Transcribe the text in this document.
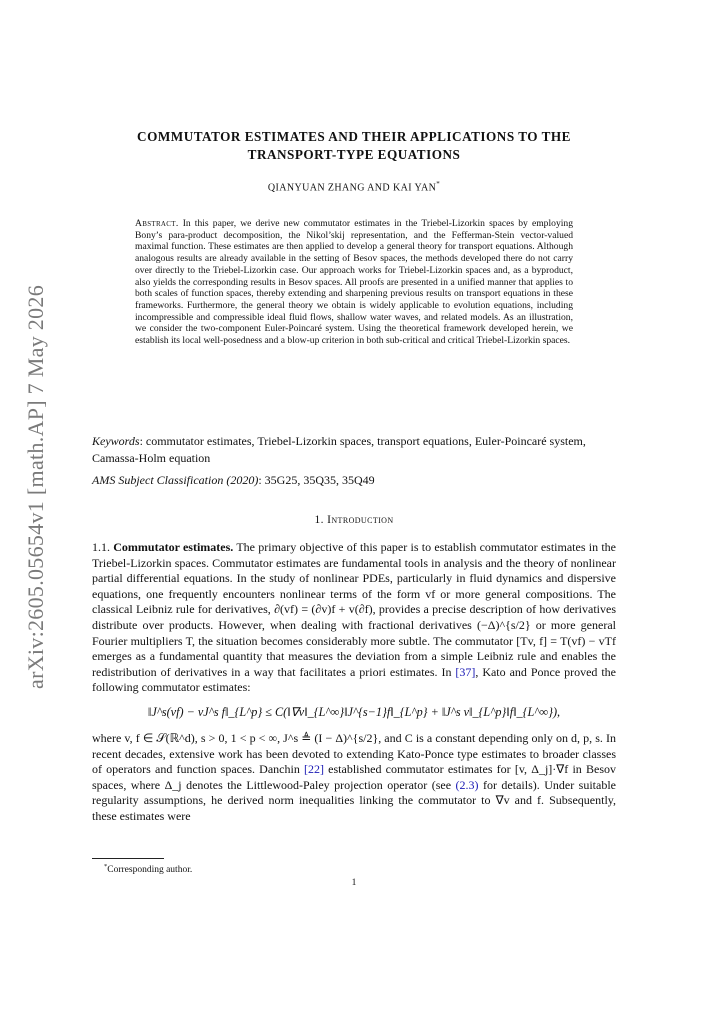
arXiv:2605.05654v1 [math.AP] 7 May 2026
COMMUTATOR ESTIMATES AND THEIR APPLICATIONS TO THE TRANSPORT-TYPE EQUATIONS
QIANYUAN ZHANG AND KAI YAN*
Abstract. In this paper, we derive new commutator estimates in the Triebel-Lizorkin spaces by employing Bony’s para-product decomposition, the Nikol’skij representation, and the Fefferman-Stein vector-valued maximal function. These estimates are then applied to develop a general theory for transport equations. Although analogous results are already available in the setting of Besov spaces, the methods developed there do not carry over directly to the Triebel-Lizorkin case. Our approach works for Triebel-Lizorkin spaces and, as a byproduct, also yields the corresponding results in Besov spaces. All proofs are presented in a unified manner that applies to both scales of function spaces, thereby extending and sharpening previous results on transport equations in these frameworks. Furthermore, the general theory we obtain is widely applicable to evolution equations, including incompressible and compressible ideal fluid flows, shallow water waves, and related models. As an illustration, we consider the two-component Euler-Poincaré system. Using the theoretical framework developed herein, we establish its local well-posedness and a blow-up criterion in both sub-critical and critical Triebel-Lizorkin spaces.
Keywords: commutator estimates, Triebel-Lizorkin spaces, transport equations, Euler-Poincaré system, Camassa-Holm equation
AMS Subject Classification (2020): 35G25, 35Q35, 35Q49
1. Introduction
1.1. Commutator estimates. The primary objective of this paper is to establish commutator estimates in the Triebel-Lizorkin spaces. Commutator estimates are fundamental tools in analysis and the theory of nonlinear partial differential equations. In the study of nonlinear PDEs, particularly in fluid dynamics and dispersive equations, one frequently encounters nonlinear terms of the form vf or more general compositions. The classical Leibniz rule for derivatives, ∂(vf) = (∂v)f + v(∂f), provides a precise description of how derivatives distribute over products. However, when dealing with fractional derivatives (−Δ)^{s/2} or more general Fourier multipliers T, the situation becomes considerably more subtle. The commutator [Tv, f] = T(vf) − vTf emerges as a fundamental quantity that measures the deviation from a simple Leibniz rule and enables the redistribution of derivatives in a way that facilitates a priori estimates. In [37], Kato and Ponce proved the following commutator estimates:
‖J^s(vf) − vJ^s f‖_{L^p} ≤ C(‖∇v‖_{L^∞}‖J^{s−1}f‖_{L^p} + ‖J^s v‖_{L^p}‖f‖_{L^∞}),
where v, f ∈ 𝒮(ℝ^d), s > 0, 1 < p < ∞, J^s ≜ (I − Δ)^{s/2}, and C is a constant depending only on d, p, s. In recent decades, extensive work has been devoted to extending Kato-Ponce type estimates to broader classes of operators and function spaces. Danchin [22] established commutator estimates for [v, Δ_j]·∇f in Besov spaces, where Δ_j denotes the Littlewood-Paley projection operator (see (2.3) for details). Under suitable regularity assumptions, he derived norm inequalities linking the commutator to ∇v and f. Subsequently, these estimates were
*Corresponding author.
1
